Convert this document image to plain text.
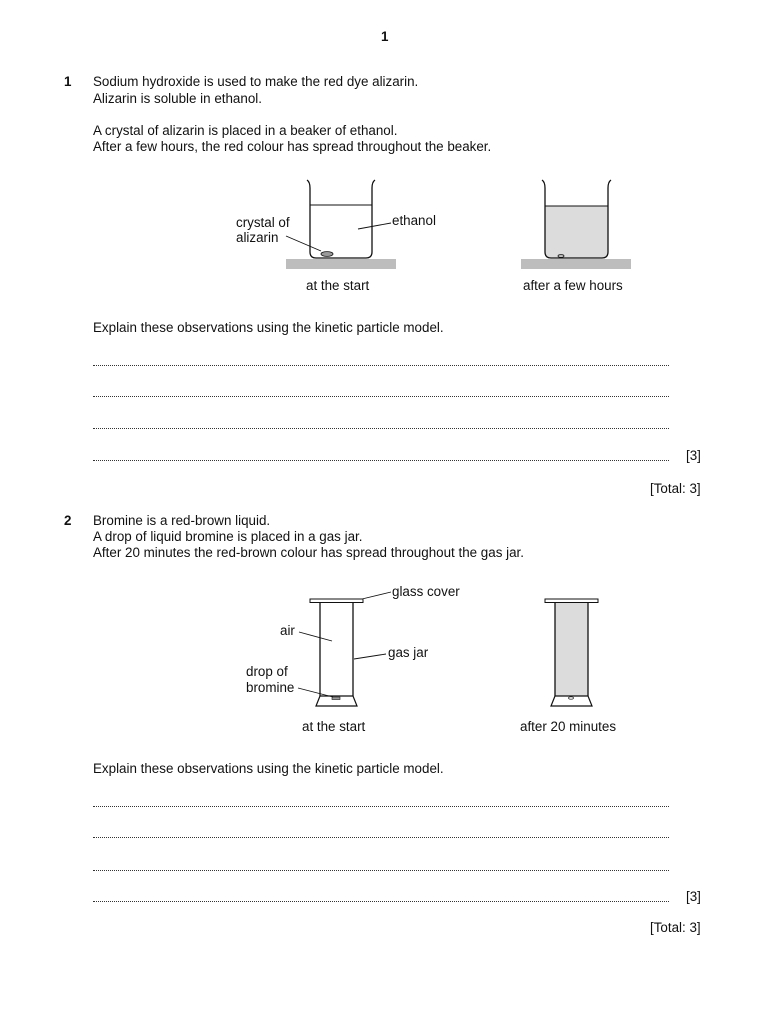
1
1 Sodium hydroxide is used to make the red dye alizarin.
Alizarin is soluble in ethanol.
A crystal of alizarin is placed in a beaker of ethanol.
After a few hours, the red colour has spread throughout the beaker.
crystal of
alizarin
ethanol
at the start	after a few hours
Explain these observations using the kinetic particle model.
[3]
[Total: 3]
2 Bromine is a red-brown liquid.
A drop of liquid bromine is placed in a gas jar.
After 20 minutes the red-brown colour has spread throughout the gas jar.
glass cover
air
gas jar
drop of
bromine
at the start	after 20 minutes
Explain these observations using the kinetic particle model.
[3]
[Total: 3]
